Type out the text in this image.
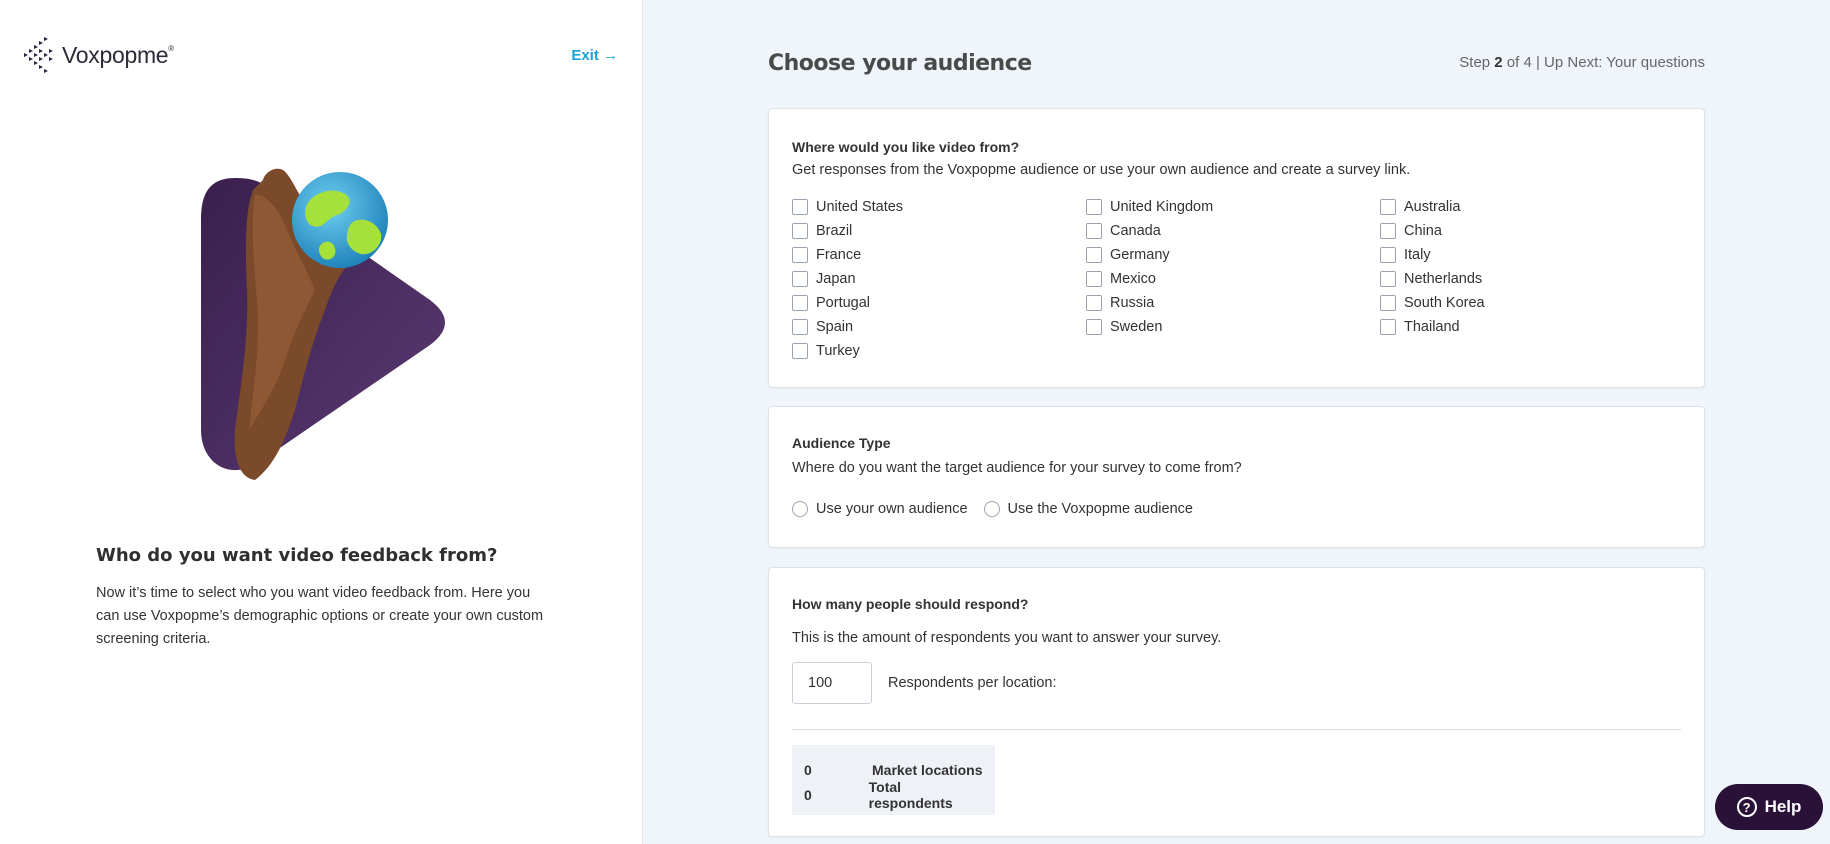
Voxpopme®	Exit →
Who do you want video feedback from?

Now it’s time to select who you want video feedback from. Here you can use Voxpopme’s demographic options or create your own custom screening criteria.

Choose your audience	Step 2 of 4 | Up Next: Your questions
Where would you like video from?

Get responses from the Voxpopme audience or use your own audience and create a survey link.

United States	United Kingdom	Australia
Brazil	Canada	China
France	Germany	Italy
Japan	Mexico	Netherlands
Portugal	Russia	South Korea
Spain	Sweden	Thailand
Turkey
Audience Type

Where do you want the target audience for your survey to come from?

Use your own audience	Use the Voxpopme audience
How many people should respond?

This is the amount of respondents you want to answer your survey.

100
Respondents per location:
0	Market locations
0	Total respondents	? Help
